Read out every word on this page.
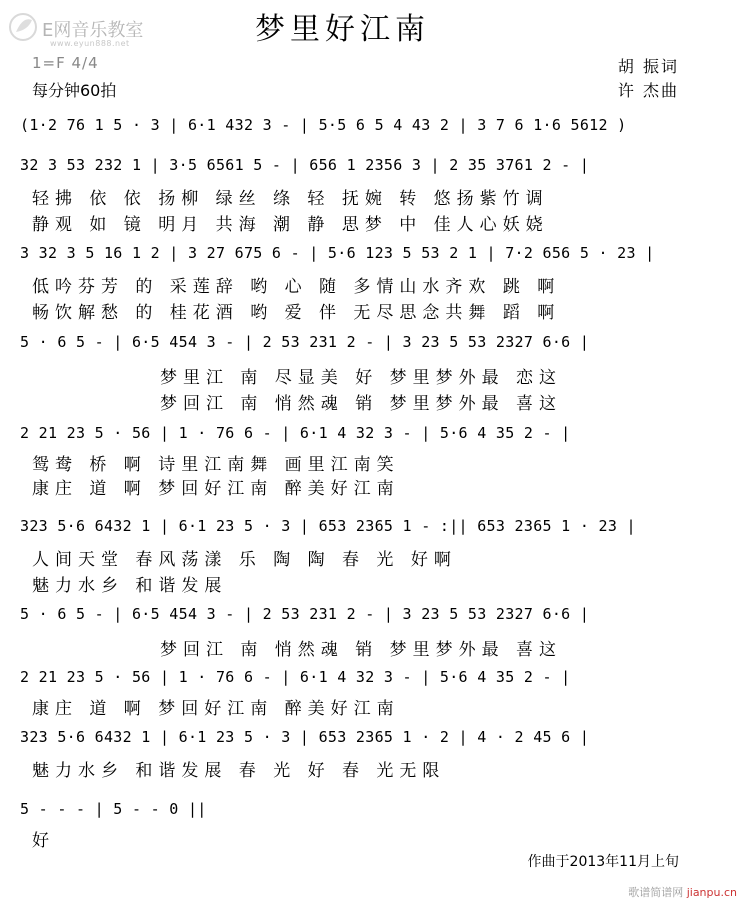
E网音乐教室
www.eyun888.net	梦里好江南
1=F 4/4
每分钟60拍
胡 振词
许 杰曲
(1·2 76 1 5 · 3 | 6·1 432 3 - | 5·5 6 5 4 43 2 | 3 7 6 1·6 5612 )
32 3 53 232 1 | 3·5 6561 5 - | 656 1 2356 3 | 2 35 3761 2 - |
轻拂 依 依 扬柳 绿丝 绦 轻 抚婉 转 悠扬紫竹调
静观 如 镜 明月 共海 潮 静 思梦 中 佳人心妖娆
3 32 3 5 16 1 2 | 3 27 675 6 - | 5·6 123 5 53 2 1 | 7·2 656 5 · 23 |
低吟芬芳 的 采莲辞 哟 心 随 多情山水齐欢 跳 啊
畅饮解愁 的 桂花酒 哟 爱 伴 无尽思念共舞 蹈 啊
5 · 6 5 - | 6·5 454 3 - | 2 53 231 2 - | 3 23 5 53 2327 6·6 |
梦里江 南 尽显美 好 梦里梦外最 恋这
梦回江 南 悄然魂 销 梦里梦外最 喜这
2 21 23 5 · 56 | 1 · 76 6 - | 6·1 4 32 3 - | 5·6 4 35 2 - |
鸳鸯 桥 啊 诗里江南舞 画里江南笑
康庄 道 啊 梦回好江南 醉美好江南
323 5·6 6432 1 | 6·1 23 5 · 3 | 653 2365 1 - :|| 653 2365 1 · 23 |
人间天堂 春风荡漾 乐 陶 陶 春 光 好啊
魅力水乡 和谐发展
5 · 6 5 - | 6·5 454 3 - | 2 53 231 2 - | 3 23 5 53 2327 6·6 |
梦回江 南 悄然魂 销 梦里梦外最 喜这
2 21 23 5 · 56 | 1 · 76 6 - | 6·1 4 32 3 - | 5·6 4 35 2 - |
康庄 道 啊 梦回好江南 醉美好江南
323 5·6 6432 1 | 6·1 23 5 · 3 | 653 2365 1 · 2 | 4 · 2 45 6 |
魅力水乡 和谐发展 春 光 好 春 光无限
5 - - - | 5 - - 0 ||
好
作曲于2013年11月上旬
歌谱简谱网 jianpu.cn
